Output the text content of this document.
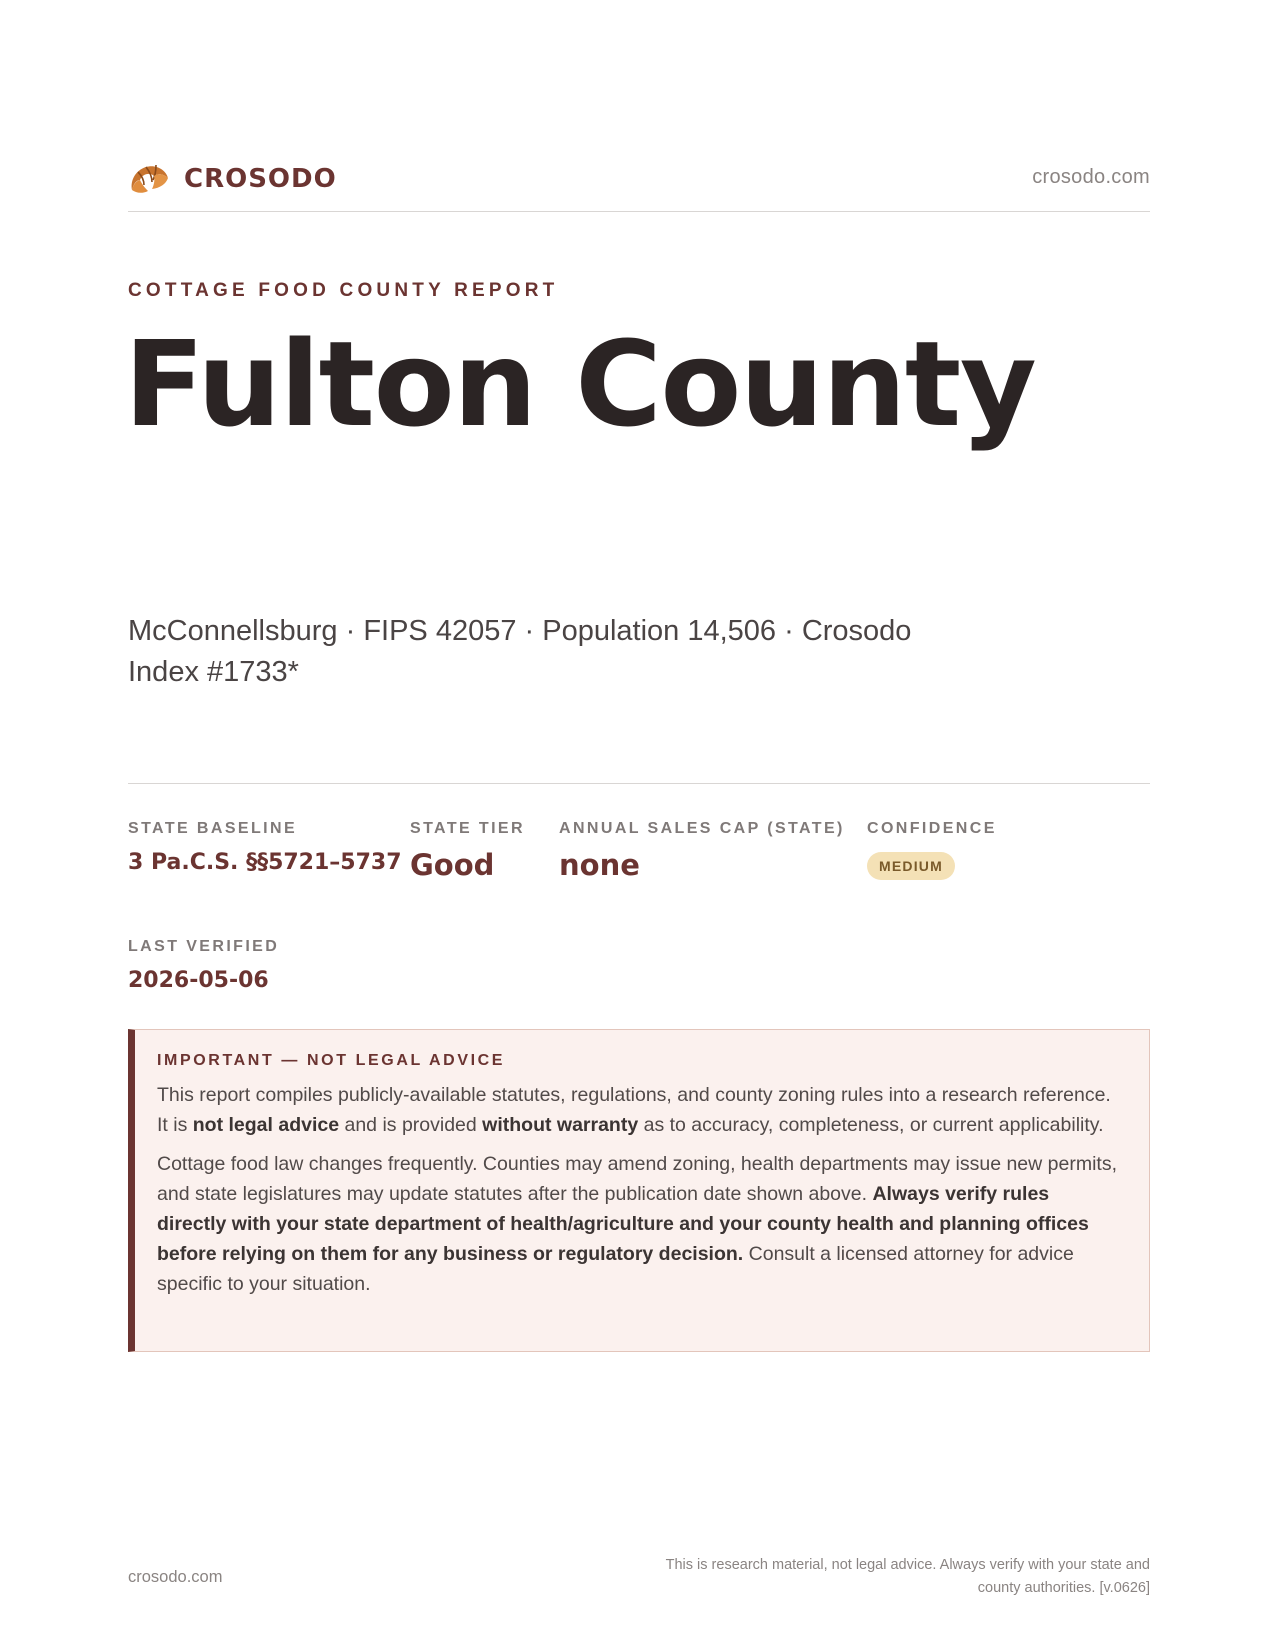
CROSODO	crosodo.com
COTTAGE FOOD COUNTY REPORT
Fulton County

McConnellsburg · FIPS 42057 · Population 14,506 · Crosodo Index #1733*

STATE BASELINE
3 Pa.C.S. §§5721–5737
STATE TIER
Good
ANNUAL SALES CAP (STATE)
none
CONFIDENCE
MEDIUM
LAST VERIFIED
2026-05-06
IMPORTANT — NOT LEGAL ADVICE

This report compiles publicly-available statutes, regulations, and county zoning rules into a research reference. It is not legal advice and is provided without warranty as to accuracy, completeness, or current applicability.

Cottage food law changes frequently. Counties may amend zoning, health departments may issue new permits, and state legislatures may update statutes after the publication date shown above. Always verify rules directly with your state department of health/agriculture and your county health and planning offices before relying on them for any business or regulatory decision. Consult a licensed attorney for advice specific to your situation.

crosodo.com
This is research material, not legal advice. Always verify with your state and county authorities. [v.0626]
